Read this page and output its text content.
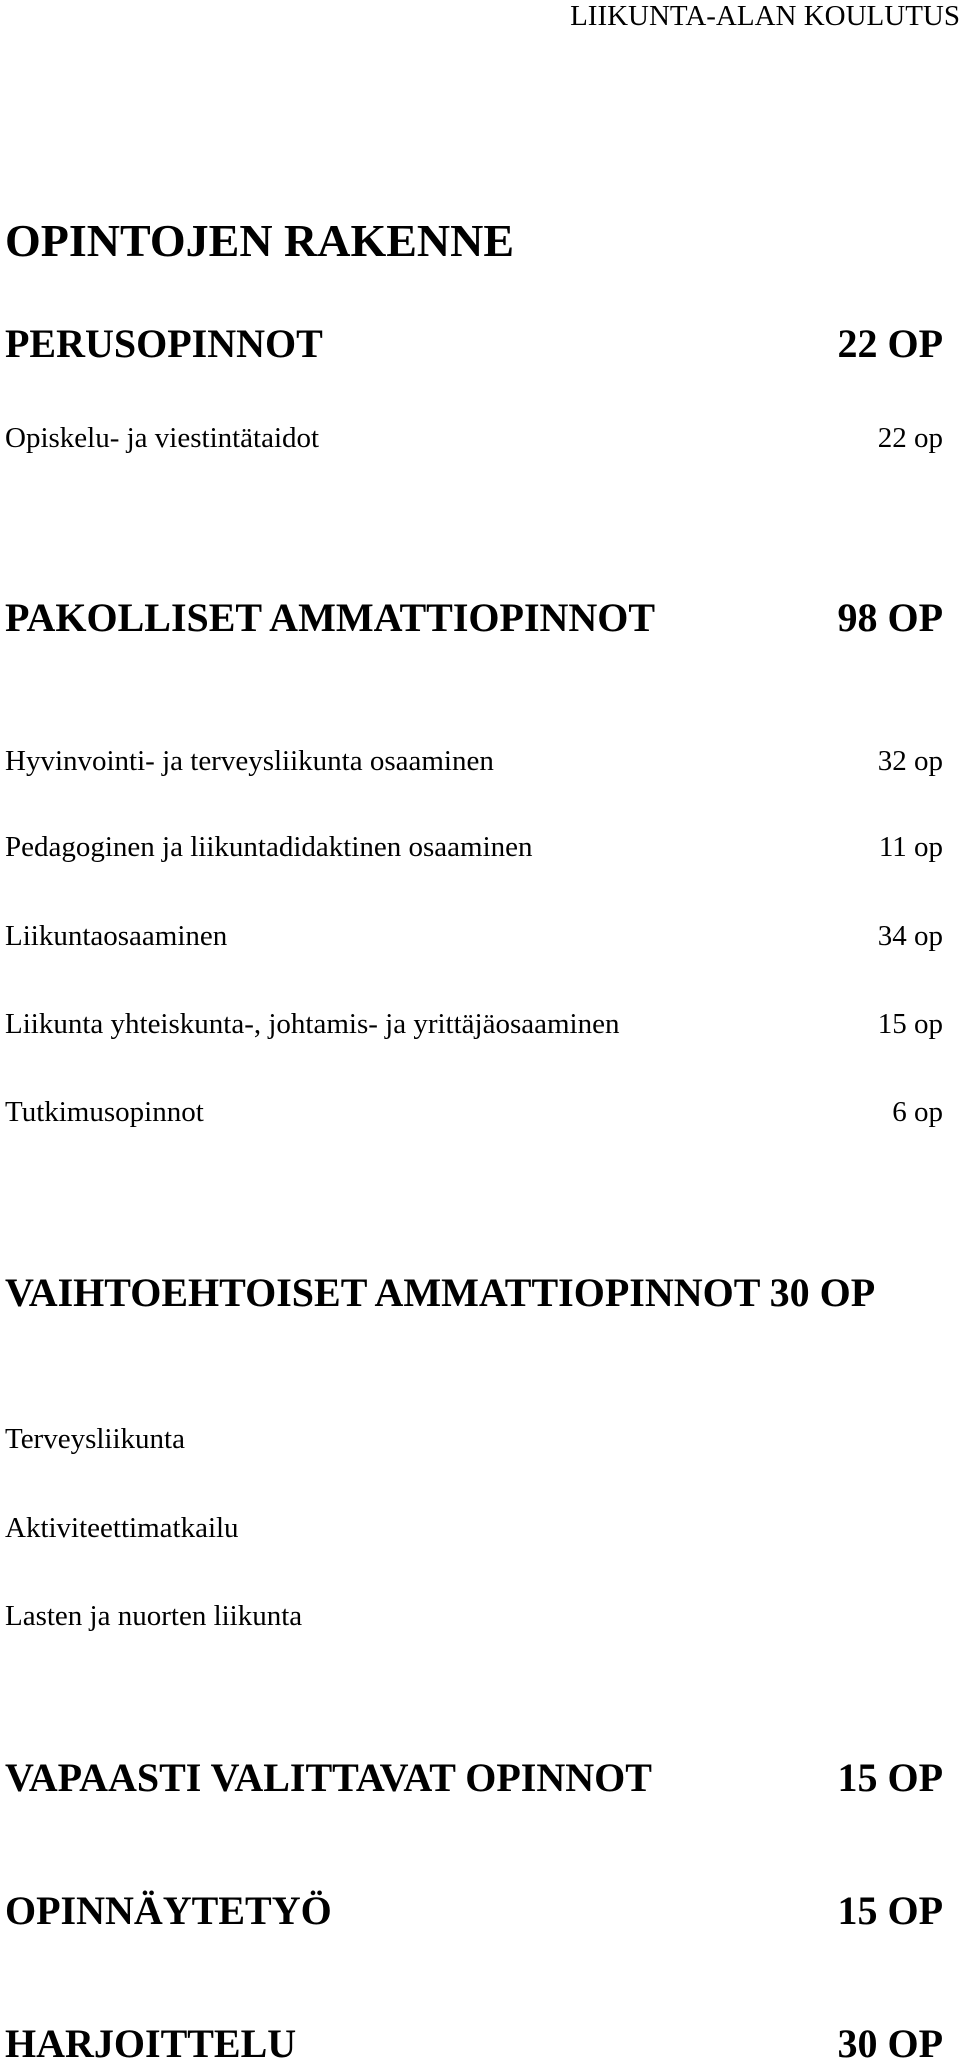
LIIKUNTA-ALAN KOULUTUS
OPINTOJEN RAKENNE
PERUSOPINNOT	22 OP
Opiskelu- ja viestintätaidot	22 op
PAKOLLISET AMMATTIOPINNOT	98 OP
Hyvinvointi- ja terveysliikunta osaaminen	32 op
Pedagoginen ja liikuntadidaktinen osaaminen	11 op
Liikuntaosaaminen	34 op
Liikunta yhteiskunta-, johtamis- ja yrittäjäosaaminen	15 op
Tutkimusopinnot	6 op
VAIHTOEHTOISET AMMATTIOPINNOT 30 OP
Terveysliikunta
Aktiviteettimatkailu
Lasten ja nuorten liikunta
VAPAASTI VALITTAVAT OPINNOT	15 OP
OPINNÄYTETYÖ	15 OP
HARJOITTELU	30 OP
